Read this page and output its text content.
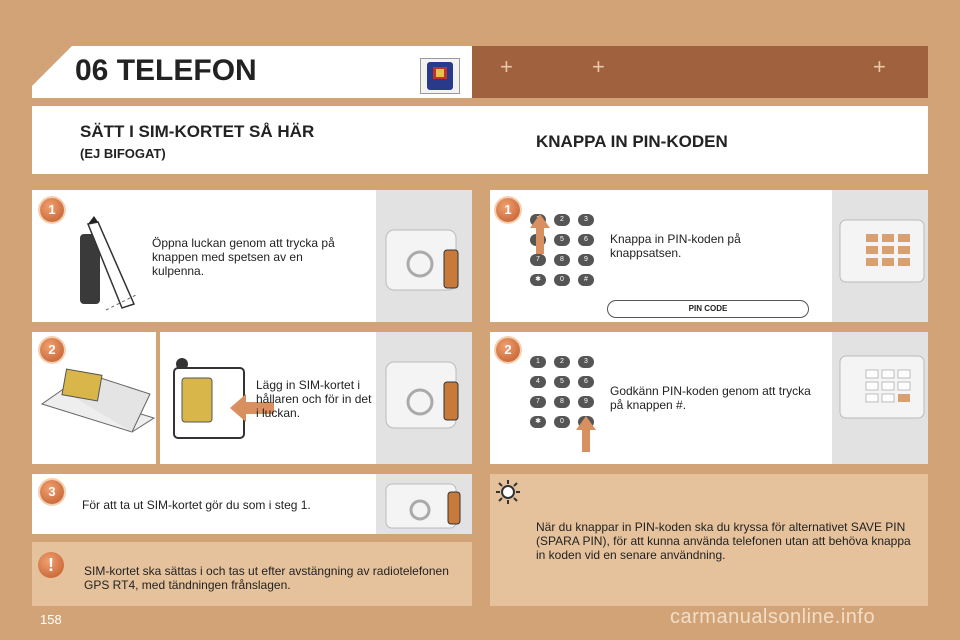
06 TELEFON	+	+	+
SÄTT I SIM-KORTET SÅ HÄR
(EJ BIFOGAT)
KNAPPA IN PIN-KODEN
1
Öppna luckan genom att trycka på knappen med spetsen av en kulpenna.
2
Lägg in SIM-kortet i hållaren och för in det i luckan.
3
För att ta ut SIM-kortet gör du som i steg 1.
!	SIM-kortet ska sättas i och tas ut efter avstängning av radiotelefonen GPS RT4, med tändningen frånslagen.
1
2	3
5	6
7	8	9
✱	0	#
Knappa in PIN-koden på knappsatsen.
PIN CODE
2
1	2	3
4	5	6
7	8	9
✱	0
Godkänn PIN-koden genom att trycka på knappen #.
När du knappar in PIN-koden ska du kryssa för alternativet SAVE PIN (SPARA PIN), för att kunna använda telefonen utan att behöva knappa in koden vid en senare användning.
158	carmanualsonline.info
